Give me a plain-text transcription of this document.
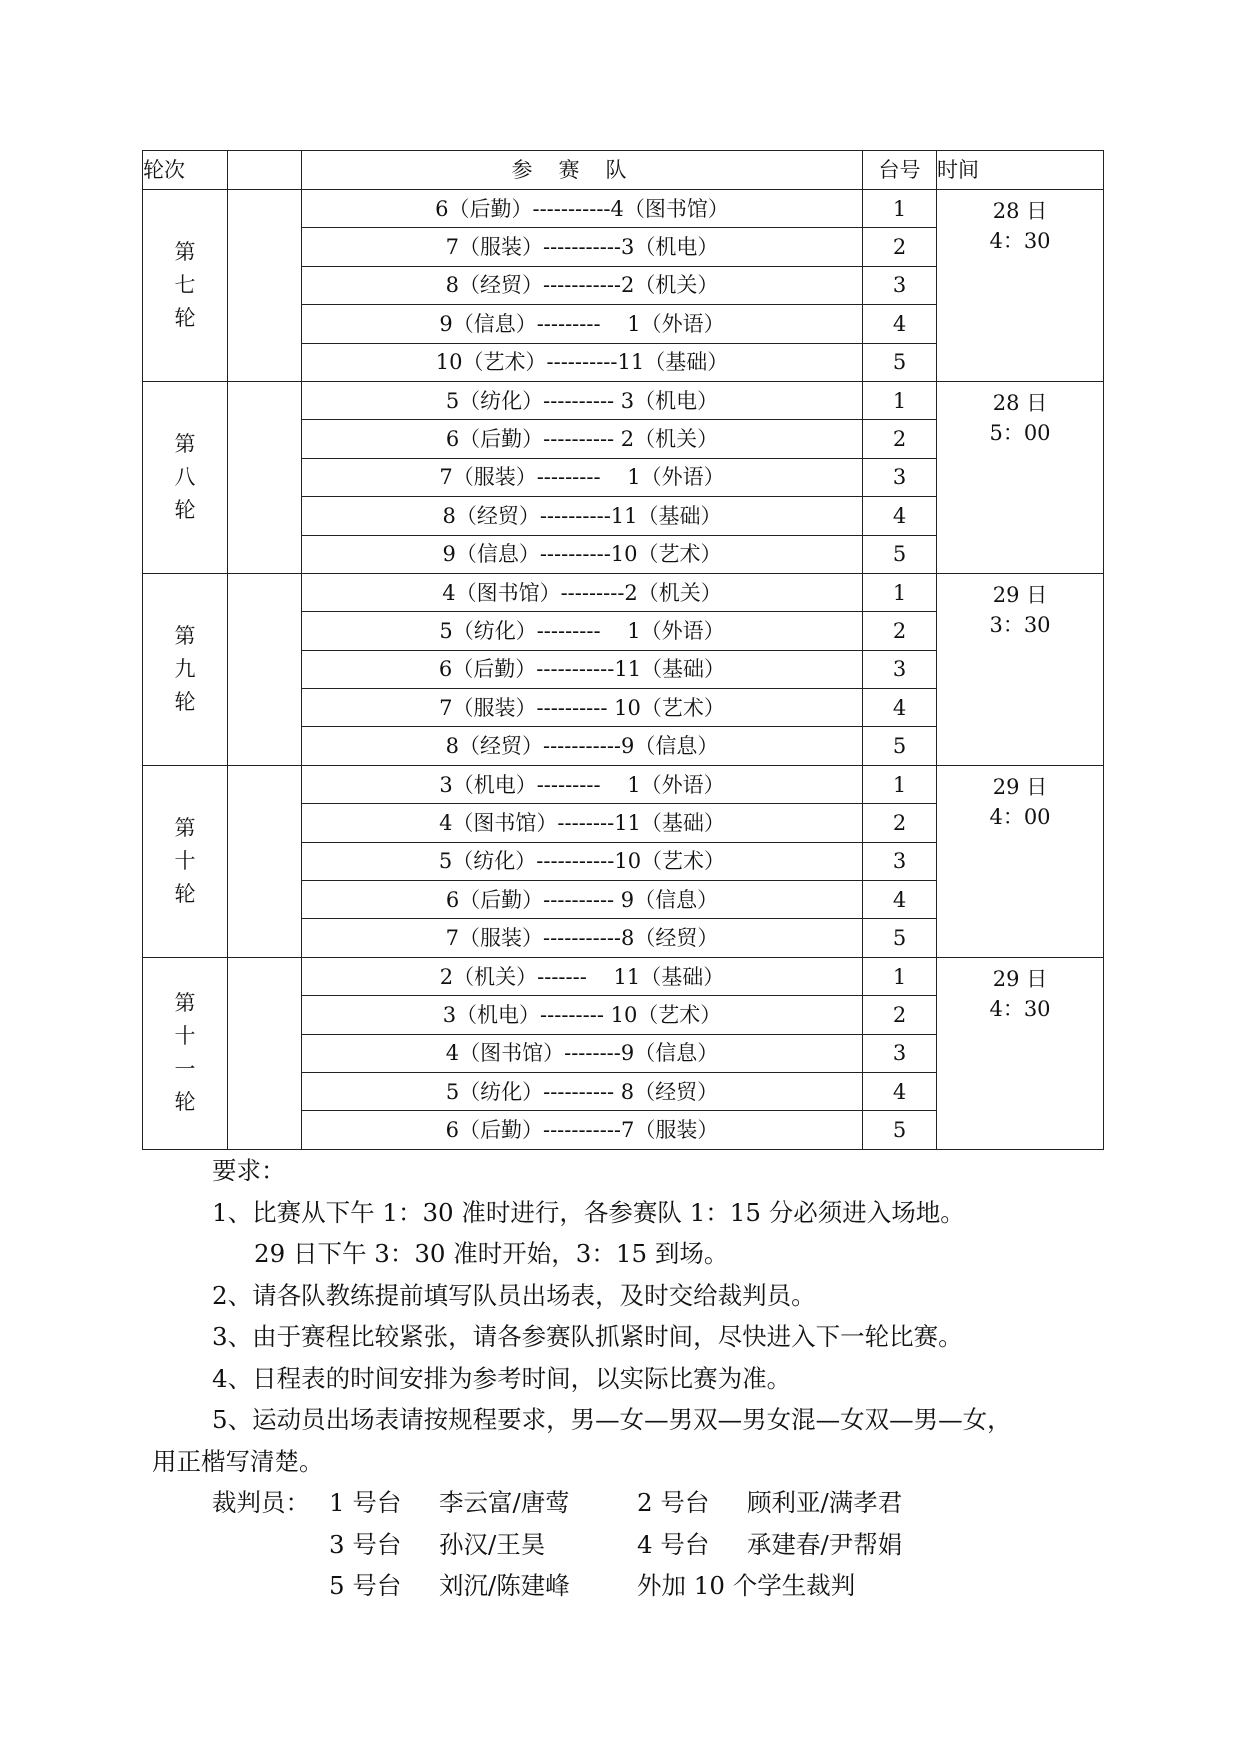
轮次		参赛队	台号	时间

第
七
轮		6（后勤）-----------4（图书馆）	1	28 日
4：30

		7（服装）-----------3（机电）	2	
		8（经贸）-----------2（机关）	3	
		9（信息）---------    1（外语）	4	
		10（艺术）----------11（基础）	5	

第
八
轮		5（纺化）---------- 3（机电）	1	28 日
5：00

		6（后勤）---------- 2（机关）	2	
		7（服装）---------    1（外语）	3	
		8（经贸）----------11（基础）	4	
		9（信息）----------10（艺术）	5	

第
九
轮		4（图书馆）---------2（机关）	1	29 日
3：30

		5（纺化）---------    1（外语）	2	
		6（后勤）-----------11（基础）	3	
		7（服装）---------- 10（艺术）	4	
		8（经贸）-----------9（信息）	5	

第
十
轮		3（机电）---------    1（外语）	1	29 日
4：00

		4（图书馆）--------11（基础）	2	
		5（纺化）-----------10（艺术）	3	
		6（后勤）---------- 9（信息）	4	
		7（服装）-----------8（经贸）	5	

第
十
一
轮		2（机关）-------    11（基础）	1	29 日
4：30

		3（机电）--------- 10（艺术）	2	
		4（图书馆）--------9（信息）	3	
		5（纺化）---------- 8（经贸）	4	
		6（后勤）-----------7（服装）	5	

要求：

1、比赛从下午 1：30 准时进行，各参赛队 1：15 分必须进入场地。

29 日下午 3：30 准时开始，3：15 到场。

2、请各队教练提前填写队员出场表，及时交给裁判员。

3、由于赛程比较紧张，请各参赛队抓紧时间，尽快进入下一轮比赛。

4、日程表的时间安排为参考时间，以实际比赛为准。

5、运动员出场表请按规程要求，男—女—男双—男女混—女双—男—女，

用正楷写清楚。

裁判员： 1 号台 李云富/唐莺	2 号台 顾利亚/满孝君

3 号台 孙汉/王昊	4 号台 承建春/尹帮娟

5 号台 刘沉/陈建峰	外加 10 个学生裁判
